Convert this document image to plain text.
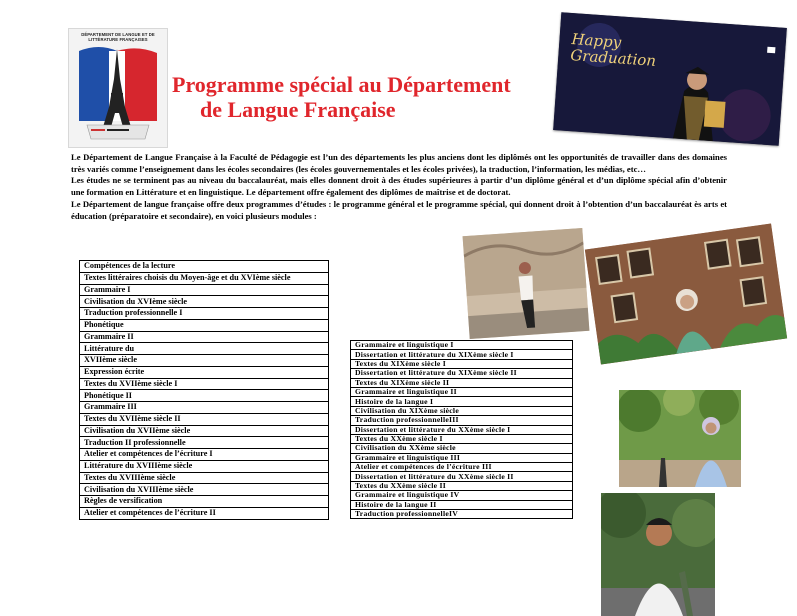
DÉPARTEMENT DE LANGUE ET DE LITTÉRATURE FRANÇAISES
Programme spécial au Département
de Langue Française

Le Département de Langue Française à la Faculté de Pédagogie est l’un des départements les plus anciens dont les diplômés ont les opportunités de travailler dans des domaines très variés comme l’enseignement dans les écoles secondaires (les écoles gouvernementales et les écoles privées), la traduction, l’information, les médias, etc…

Les études ne se terminent pas au niveau du baccalauréat, mais elles donnent droit à des études supérieures à partir d’un diplôme général et d’un diplôme spécial afin d’obtenir une formation en Littérature et en linguistique. Le département offre également des diplômes de maîtrise et de doctorat.

Le Département de langue française offre deux programmes d’études : le programme général et le programme spécial, qui donnent droit à l’obtention d’un baccalauréat ès arts et éducation (préparatoire et secondaire), en voici plusieurs modules :

Compétences de la lecture
Textes littéraires choisis du Moyen-âge et du XVIème siècle
Grammaire I
Civilisation du XVIème siècle
Traduction professionnelle I
Phonétique
Grammaire II
Littérature du
XVIIème siècle
Expression écrite
Textes du XVIIème siècle I
Phonétique II
Grammaire III
Textes du XVIIème siècle II
Civilisation du XVIIème siècle
Traduction II professionnelle
Atelier et compétences de l’écriture I
Littérature du XVIIIème siècle
Textes du XVIIIème siècle
Civilisation du XVIIIème siècle
Règles de versification
Atelier et compétences de l’écriture II
Grammaire et linguistique I
Dissertation et littérature du XIXème siècle I
Textes du XIXème siècle I
Dissertation et littérature du XIXème siècle II
Textes du XIXème siècle II
Grammaire et linguistique II
Histoire de la langue I
Civilisation du XIXème siècle
Traduction professionnelleIII
Dissertation et littérature du XXème siècle I
Textes du XXème siècle I
Civilisation du XXème siècle
Grammaire et linguistique III
Atelier et compétences de l’écriture III
Dissertation et littérature du XXème siècle II
Textes du XXème siècle II
Grammaire et linguistique IV
Histoire de la langue II
Traduction professionnelleIV
Happy Graduation
